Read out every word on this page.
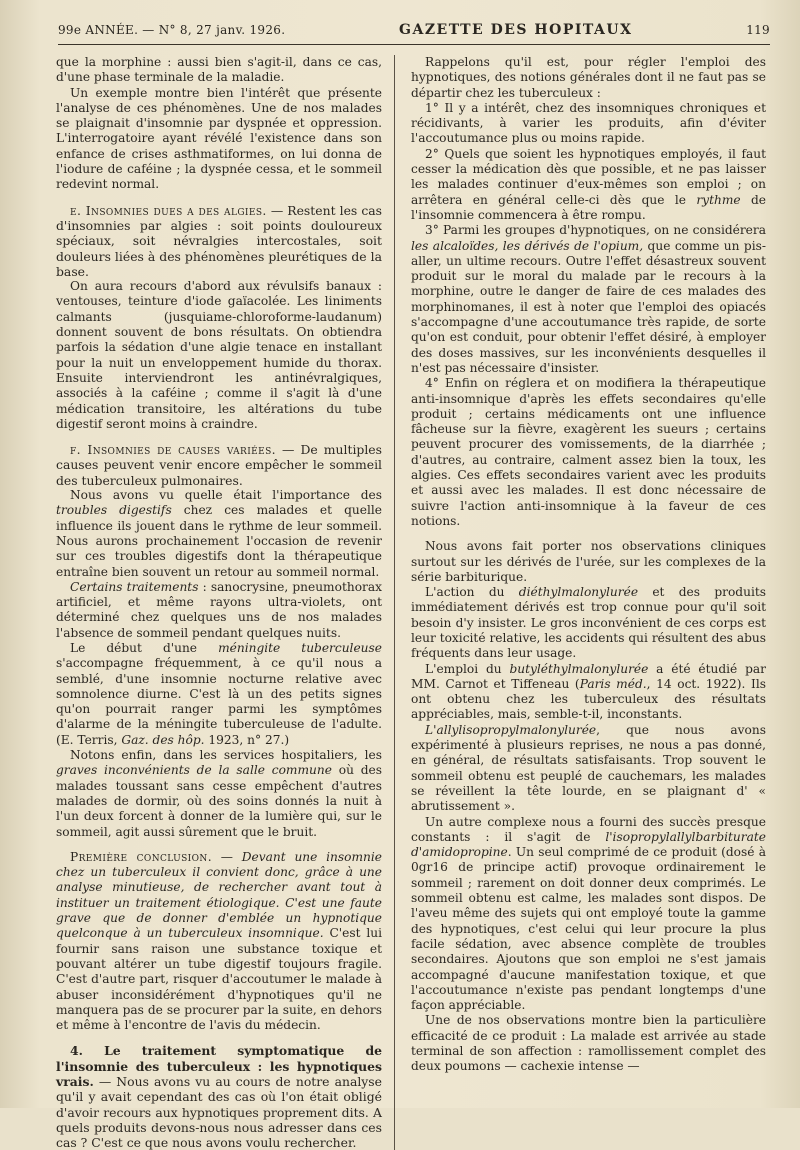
99e ANNÉE. — N° 8, 27 janv. 1926.	GAZETTE DES HOPITAUX	119

que la morphine : aussi bien s'agit-il, dans ce cas, d'une phase terminale de la maladie.

Un exemple montre bien l'intérêt que présente l'analyse de ces phénomènes. Une de nos malades se plaignait d'insomnie par dyspnée et oppression. L'interrogatoire ayant révélé l'existence dans son enfance de crises asthmatiformes, on lui donna de l'iodure de caféine ; la dyspnée cessa, et le sommeil redevint normal.

e. Insomnies dues a des algies. — Restent les cas d'insomnies par algies : soit points douloureux spéciaux, soit névralgies intercostales, soit douleurs liées à des phénomènes pleurétiques de la base.

On aura recours d'abord aux révulsifs banaux : ventouses, teinture d'iode gaïacolée. Les liniments calmants (jusquiame-chloroforme-laudanum) donnent souvent de bons résultats. On obtiendra parfois la sédation d'une algie tenace en installant pour la nuit un enveloppement humide du thorax. Ensuite interviendront les antinévralgiques, associés à la caféine ; comme il s'agit là d'une médication transitoire, les altérations du tube digestif seront moins à craindre.

f. Insomnies de causes variées. — De multiples causes peuvent venir encore empêcher le sommeil des tuberculeux pulmonaires.

Nous avons vu quelle était l'importance des troubles digestifs chez ces malades et quelle influence ils jouent dans le rythme de leur sommeil. Nous aurons prochainement l'occasion de revenir sur ces troubles digestifs dont la thérapeutique entraîne bien souvent un retour au sommeil normal.

Certains traitements : sanocrysine, pneumothorax artificiel, et même rayons ultra-violets, ont déterminé chez quelques uns de nos malades l'absence de sommeil pendant quelques nuits.

Le début d'une méningite tuberculeuse s'accompagne fréquemment, à ce qu'il nous a semblé, d'une insomnie nocturne relative avec somnolence diurne. C'est là un des petits signes qu'on pourrait ranger parmi les symptômes d'alarme de la méningite tuberculeuse de l'adulte. (E. Terris, Gaz. des hôp. 1923, n° 27.)

Notons enfin, dans les services hospitaliers, les graves inconvénients de la salle commune où des malades toussant sans cesse empêchent d'autres malades de dormir, où des soins donnés la nuit à l'un deux forcent à donner de la lumière qui, sur le sommeil, agit aussi sûrement que le bruit.

Première conclusion. — Devant une insomnie chez un tuberculeux il convient donc, grâce à une analyse minutieuse, de rechercher avant tout à instituer un traitement étiologique. C'est une faute grave que de donner d'emblée un hypnotique quelconque à un tuberculeux insomnique. C'est lui fournir sans raison une substance toxique et pouvant altérer un tube digestif toujours fragile. C'est d'autre part, risquer d'accoutumer le malade à abuser inconsidérément d'hypnotiques qu'il ne manquera pas de se procurer par la suite, en dehors et même à l'encontre de l'avis du médecin.

4. Le traitement symptomatique de l'insomnie des tuberculeux : les hypnotiques vrais. — Nous avons vu au cours de notre analyse qu'il y avait cependant des cas où l'on était obligé d'avoir recours aux hypnotiques proprement dits. A quels produits devons-nous nous adresser dans ces cas ? C'est ce que nous avons voulu rechercher.

Rappelons qu'il est, pour régler l'emploi des hypnotiques, des notions générales dont il ne faut pas se départir chez les tuberculeux :

1° Il y a intérêt, chez des insomniques chroniques et récidivants, à varier les produits, afin d'éviter l'accoutumance plus ou moins rapide.

2° Quels que soient les hypnotiques employés, il faut cesser la médication dès que possible, et ne pas laisser les malades continuer d'eux-mêmes son emploi ; on arrêtera en général celle-ci dès que le rythme de l'insomnie commencera à être rompu.

3° Parmi les groupes d'hypnotiques, on ne considérera les alcaloïdes, les dérivés de l'opium, que comme un pis-aller, un ultime recours. Outre l'effet désastreux souvent produit sur le moral du malade par le recours à la morphine, outre le danger de faire de ces malades des morphinomanes, il est à noter que l'emploi des opiacés s'accompagne d'une accoutumance très rapide, de sorte qu'on est conduit, pour obtenir l'effet désiré, à employer des doses massives, sur les inconvénients desquelles il n'est pas nécessaire d'insister.

4° Enfin on réglera et on modifiera la thérapeutique anti-insomnique d'après les effets secondaires qu'elle produit ; certains médicaments ont une influence fâcheuse sur la fièvre, exagèrent les sueurs ; certains peuvent procurer des vomissements, de la diarrhée ; d'autres, au contraire, calment assez bien la toux, les algies. Ces effets secondaires varient avec les produits et aussi avec les malades. Il est donc nécessaire de suivre l'action anti-insomnique à la faveur de ces notions.

Nous avons fait porter nos observations cliniques surtout sur les dérivés de l'urée, sur les complexes de la série barbiturique.

L'action du diéthylmalonylurée et des produits immédiatement dérivés est trop connue pour qu'il soit besoin d'y insister. Le gros inconvénient de ces corps est leur toxicité relative, les accidents qui résultent des abus fréquents dans leur usage.

L'emploi du butyléthylmalonylurée a été étudié par MM. Carnot et Tiffeneau (Paris méd., 14 oct. 1922). Ils ont obtenu chez les tuberculeux des résultats appréciables, mais, semble-t-il, inconstants.

L'allylisopropylmalonylurée, que nous avons expérimenté à plusieurs reprises, ne nous a pas donné, en général, de résultats satisfaisants. Trop souvent le sommeil obtenu est peuplé de cauchemars, les malades se réveillent la tête lourde, en se plaignant d' « abrutissement ».

Un autre complexe nous a fourni des succès presque constants : il s'agit de l'isopropylallylbarbiturate d'amidopropine. Un seul comprimé de ce produit (dosé à 0gr16 de principe actif) provoque ordinairement le sommeil ; rarement on doit donner deux comprimés. Le sommeil obtenu est calme, les malades sont dispos. De l'aveu même des sujets qui ont employé toute la gamme des hypnotiques, c'est celui qui leur procure la plus facile sédation, avec absence complète de troubles secondaires. Ajoutons que son emploi ne s'est jamais accompagné d'aucune manifestation toxique, et que l'accoutumance n'existe pas pendant longtemps d'une façon appréciable.

Une de nos observations montre bien la particulière efficacité de ce produit : La malade est arrivée au stade terminal de son affection : ramollissement complet des deux poumons — cachexie intense —
